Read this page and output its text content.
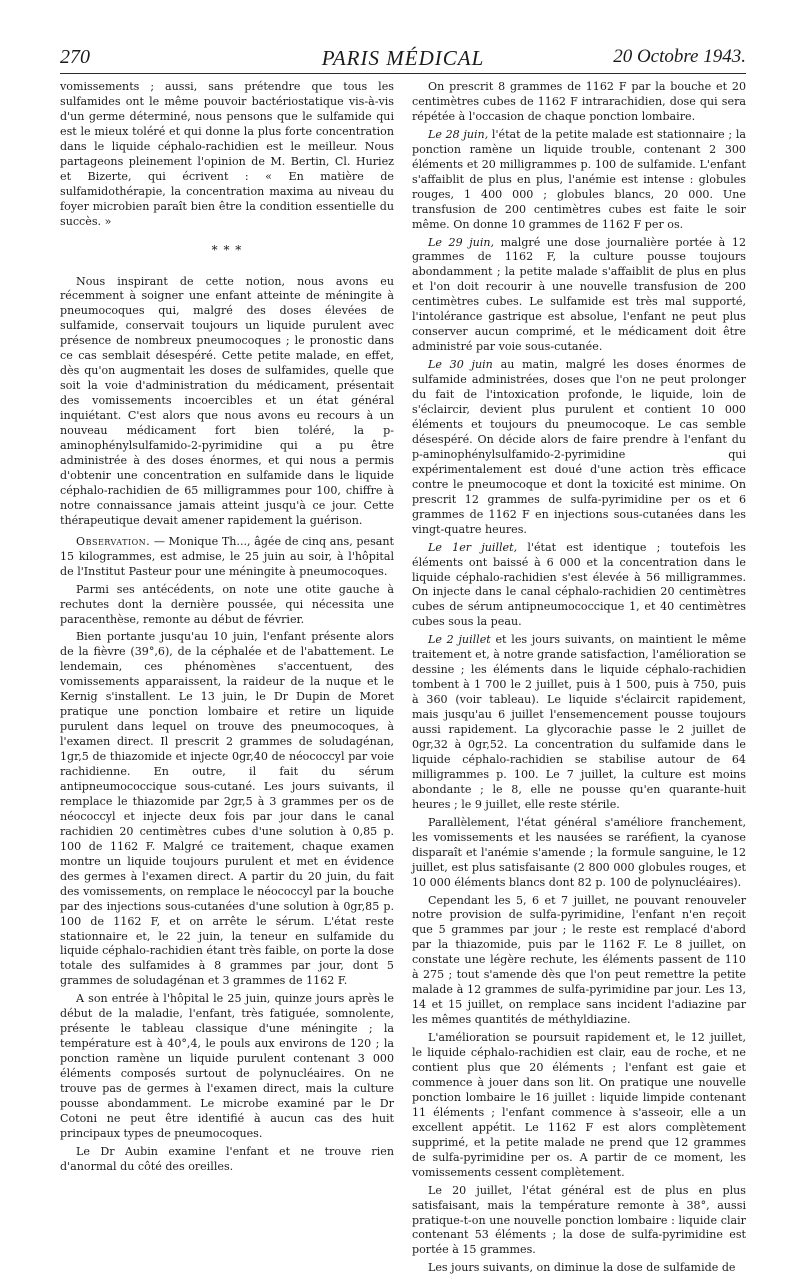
270	PARIS MÉDICAL	20 Octobre 1943.

vomissements ; aussi, sans prétendre que tous les sulfamides ont le même pouvoir bactériostatique vis-à-vis d'un germe déterminé, nous pensons que le sulfamide qui est le mieux toléré et qui donne la plus forte concentration dans le liquide céphalo-rachidien est le meilleur. Nous partageons pleinement l'opinion de M. Bertin, Cl. Huriez et Bizerte, qui écrivent : « En matière de sulfamidothérapie, la concentration maxima au niveau du foyer microbien paraît bien être la condition essentielle du succès. »

* * *

Nous inspirant de cette notion, nous avons eu récemment à soigner une enfant atteinte de méningite à pneumocoques qui, malgré des doses élevées de sulfamide, conservait toujours un liquide purulent avec présence de nombreux pneumocoques ; le pronostic dans ce cas semblait désespéré. Cette petite malade, en effet, dès qu'on augmentait les doses de sulfamides, quelle que soit la voie d'administration du médicament, présentait des vomissements incoercibles et un état général inquiétant. C'est alors que nous avons eu recours à un nouveau médicament fort bien toléré, la p-aminophénylsulfamido-2-pyrimidine qui a pu être administrée à des doses énormes, et qui nous a permis d'obtenir une concentration en sulfamide dans le liquide céphalo-rachidien de 65 milligrammes pour 100, chiffre à notre connaissance jamais atteint jusqu'à ce jour. Cette thérapeutique devait amener rapidement la guérison.

Observation. — Monique Th..., âgée de cinq ans, pesant 15 kilogrammes, est admise, le 25 juin au soir, à l'hôpital de l'Institut Pasteur pour une méningite à pneumocoques.

Parmi ses antécédents, on note une otite gauche à rechutes dont la dernière poussée, qui nécessita une paracenthèse, remonte au début de février.

Bien portante jusqu'au 10 juin, l'enfant présente alors de la fièvre (39°,6), de la céphalée et de l'abattement. Le lendemain, ces phénomènes s'accentuent, des vomissements apparaissent, la raideur de la nuque et le Kernig s'installent. Le 13 juin, le Dr Dupin de Moret pratique une ponction lombaire et retire un liquide purulent dans lequel on trouve des pneumocoques, à l'examen direct. Il prescrit 2 grammes de soludagénan, 1gr,5 de thiazomide et injecte 0gr,40 de néococcyl par voie rachidienne. En outre, il fait du sérum antipneumococcique sous-cutané. Les jours suivants, il remplace le thiazomide par 2gr,5 à 3 grammes per os de néococcyl et injecte deux fois par jour dans le canal rachidien 20 centimètres cubes d'une solution à 0,85 p. 100 de 1162 F. Malgré ce traitement, chaque examen montre un liquide toujours purulent et met en évidence des germes à l'examen direct. A partir du 20 juin, du fait des vomissements, on remplace le néococcyl par la bouche par des injections sous-cutanées d'une solution à 0gr,85 p. 100 de 1162 F, et on arrête le sérum. L'état reste stationnaire et, le 22 juin, la teneur en sulfamide du liquide céphalo-rachidien étant très faible, on porte la dose totale des sulfamides à 8 grammes par jour, dont 5 grammes de soludagénan et 3 grammes de 1162 F.

A son entrée à l'hôpital le 25 juin, quinze jours après le début de la maladie, l'enfant, très fatiguée, somnolente, présente le tableau classique d'une méningite ; la température est à 40°,4, le pouls aux environs de 120 ; la ponction ramène un liquide purulent contenant 3 000 éléments composés surtout de polynucléaires. On ne trouve pas de germes à l'examen direct, mais la culture pousse abondamment. Le microbe examiné par le Dr Cotoni ne peut être identifié à aucun cas des huit principaux types de pneumocoques.

Le Dr Aubin examine l'enfant et ne trouve rien d'anormal du côté des oreilles.

On prescrit 8 grammes de 1162 F par la bouche et 20 centimètres cubes de 1162 F intrarachidien, dose qui sera répétée à l'occasion de chaque ponction lombaire.

Le 28 juin, l'état de la petite malade est stationnaire ; la ponction ramène un liquide trouble, contenant 2 300 éléments et 20 milligrammes p. 100 de sulfamide. L'enfant s'affaiblit de plus en plus, l'anémie est intense : globules rouges, 1 400 000 ; globules blancs, 20 000. Une transfusion de 200 centimètres cubes est faite le soir même. On donne 10 grammes de 1162 F per os.

Le 29 juin, malgré une dose journalière portée à 12 grammes de 1162 F, la culture pousse toujours abondamment ; la petite malade s'affaiblit de plus en plus et l'on doit recourir à une nouvelle transfusion de 200 centimètres cubes. Le sulfamide est très mal supporté, l'intolérance gastrique est absolue, l'enfant ne peut plus conserver aucun comprimé, et le médicament doit être administré par voie sous-cutanée.

Le 30 juin au matin, malgré les doses énormes de sulfamide administrées, doses que l'on ne peut prolonger du fait de l'intoxication profonde, le liquide, loin de s'éclaircir, devient plus purulent et contient 10 000 éléments et toujours du pneumocoque. Le cas semble désespéré. On décide alors de faire prendre à l'enfant du p-aminophénylsulfamido-2-pyrimidine qui expérimentalement est doué d'une action très efficace contre le pneumocoque et dont la toxicité est minime. On prescrit 12 grammes de sulfa-pyrimidine per os et 6 grammes de 1162 F en injections sous-cutanées dans les vingt-quatre heures.

Le 1er juillet, l'état est identique ; toutefois les éléments ont baissé à 6 000 et la concentration dans le liquide céphalo-rachidien s'est élevée à 56 milligrammes. On injecte dans le canal céphalo-rachidien 20 centimètres cubes de sérum antipneumococcique 1, et 40 centimètres cubes sous la peau.

Le 2 juillet et les jours suivants, on maintient le même traitement et, à notre grande satisfaction, l'amélioration se dessine ; les éléments dans le liquide céphalo-rachidien tombent à 1 700 le 2 juillet, puis à 1 500, puis à 750, puis à 360 (voir tableau). Le liquide s'éclaircit rapidement, mais jusqu'au 6 juillet l'ensemencement pousse toujours aussi rapidement. La glycorachie passe le 2 juillet de 0gr,32 à 0gr,52. La concentration du sulfamide dans le liquide céphalo-rachidien se stabilise autour de 64 milligrammes p. 100. Le 7 juillet, la culture est moins abondante ; le 8, elle ne pousse qu'en quarante-huit heures ; le 9 juillet, elle reste stérile.

Parallèlement, l'état général s'améliore franchement, les vomissements et les nausées se raréfient, la cyanose disparaît et l'anémie s'amende ; la formule sanguine, le 12 juillet, est plus satisfaisante (2 800 000 globules rouges, et 10 000 éléments blancs dont 82 p. 100 de polynucléaires).

Cependant les 5, 6 et 7 juillet, ne pouvant renouveler notre provision de sulfa-pyrimidine, l'enfant n'en reçoit que 5 grammes par jour ; le reste est remplacé d'abord par la thiazomide, puis par le 1162 F. Le 8 juillet, on constate une légère rechute, les éléments passent de 110 à 275 ; tout s'amende dès que l'on peut remettre la petite malade à 12 grammes de sulfa-pyrimidine par jour. Les 13, 14 et 15 juillet, on remplace sans incident l'adiazine par les mêmes quantités de méthyldiazine.

L'amélioration se poursuit rapidement et, le 12 juillet, le liquide céphalo-rachidien est clair, eau de roche, et ne contient plus que 20 éléments ; l'enfant est gaie et commence à jouer dans son lit. On pratique une nouvelle ponction lombaire le 16 juillet : liquide limpide contenant 11 éléments ; l'enfant commence à s'asseoir, elle a un excellent appétit. Le 1162 F est alors complètement supprimé, et la petite malade ne prend que 12 grammes de sulfa-pyrimidine per os. A partir de ce moment, les vomissements cessent complètement.

Le 20 juillet, l'état général est de plus en plus satisfaisant, mais la température remonte à 38°, aussi pratique-t-on une nouvelle ponction lombaire : liquide clair contenant 53 éléments ; la dose de sulfa-pyrimidine est portée à 15 grammes.

Les jours suivants, on diminue la dose de sulfamide de
